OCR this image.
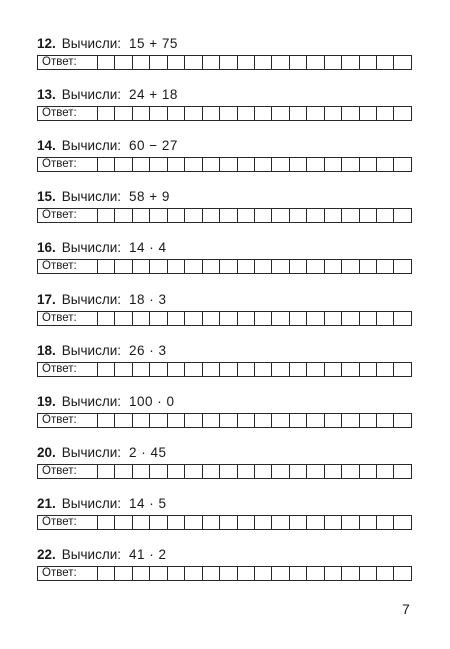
12. Вычисли: 15 + 75
Ответ:
13. Вычисли: 24 + 18
Ответ:
14. Вычисли: 60 − 27
Ответ:
15. Вычисли: 58 + 9
Ответ:
16. Вычисли: 14 · 4
Ответ:
17. Вычисли: 18 · 3
Ответ:
18. Вычисли: 26 · 3
Ответ:
19. Вычисли: 100 · 0
Ответ:
20. Вычисли: 2 · 45
Ответ:
21. Вычисли: 14 · 5
Ответ:
22. Вычисли: 41 · 2
Ответ:
7
